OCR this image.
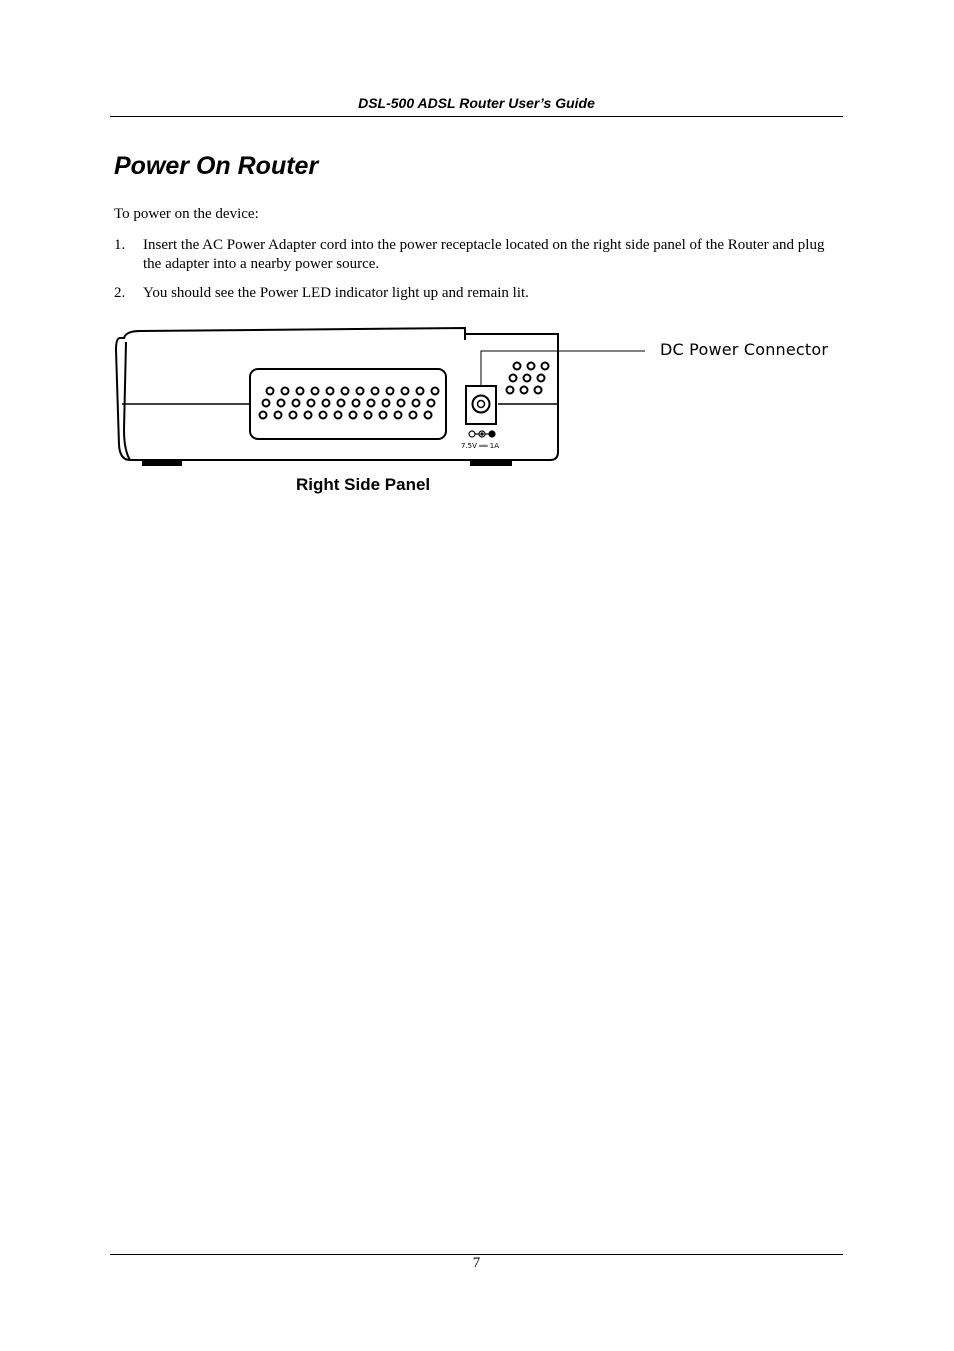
DSL-500 ADSL Router User’s Guide
Power On Router
To power on the device:
1. Insert the AC Power Adapter cord into the power receptacle located on the right side panel of the Router and plug the adapter into a nearby power source.
2. You should see the Power LED indicator light up and remain lit.
7.5V ══ 1A
DC Power Connector
Right Side Panel
7
